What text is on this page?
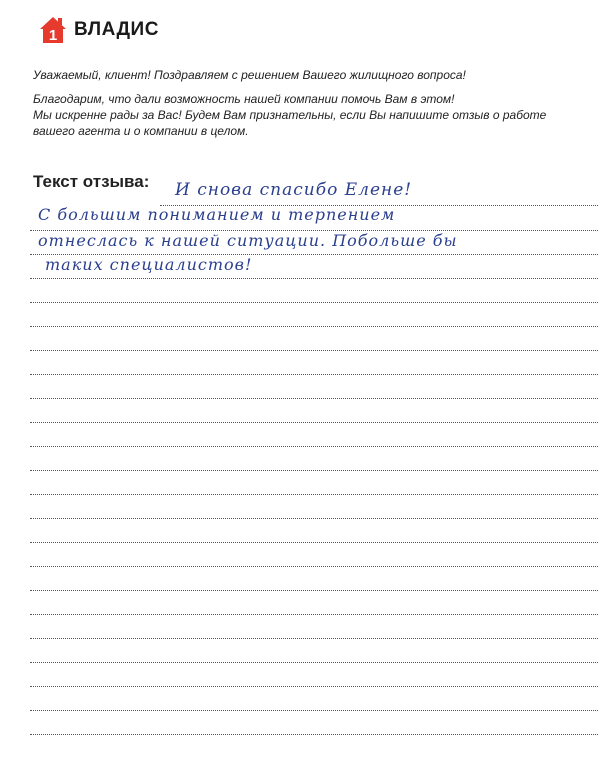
1 ВЛАДИС

Уважаемый, клиент! Поздравляем с решением Вашего жилищного вопроса!

Благодарим, что дали возможность нашей компании помочь Вам в этом!
Мы искренне рады за Вас! Будем Вам признательны, если Вы напишите отзыв о работе
вашего агента и о компании в целом.
Текст отзыва: И снова спасибо Елене!
С большим пониманием и терпением
отнеслась к нашей ситуации. Побольше бы
таких специалистов!
